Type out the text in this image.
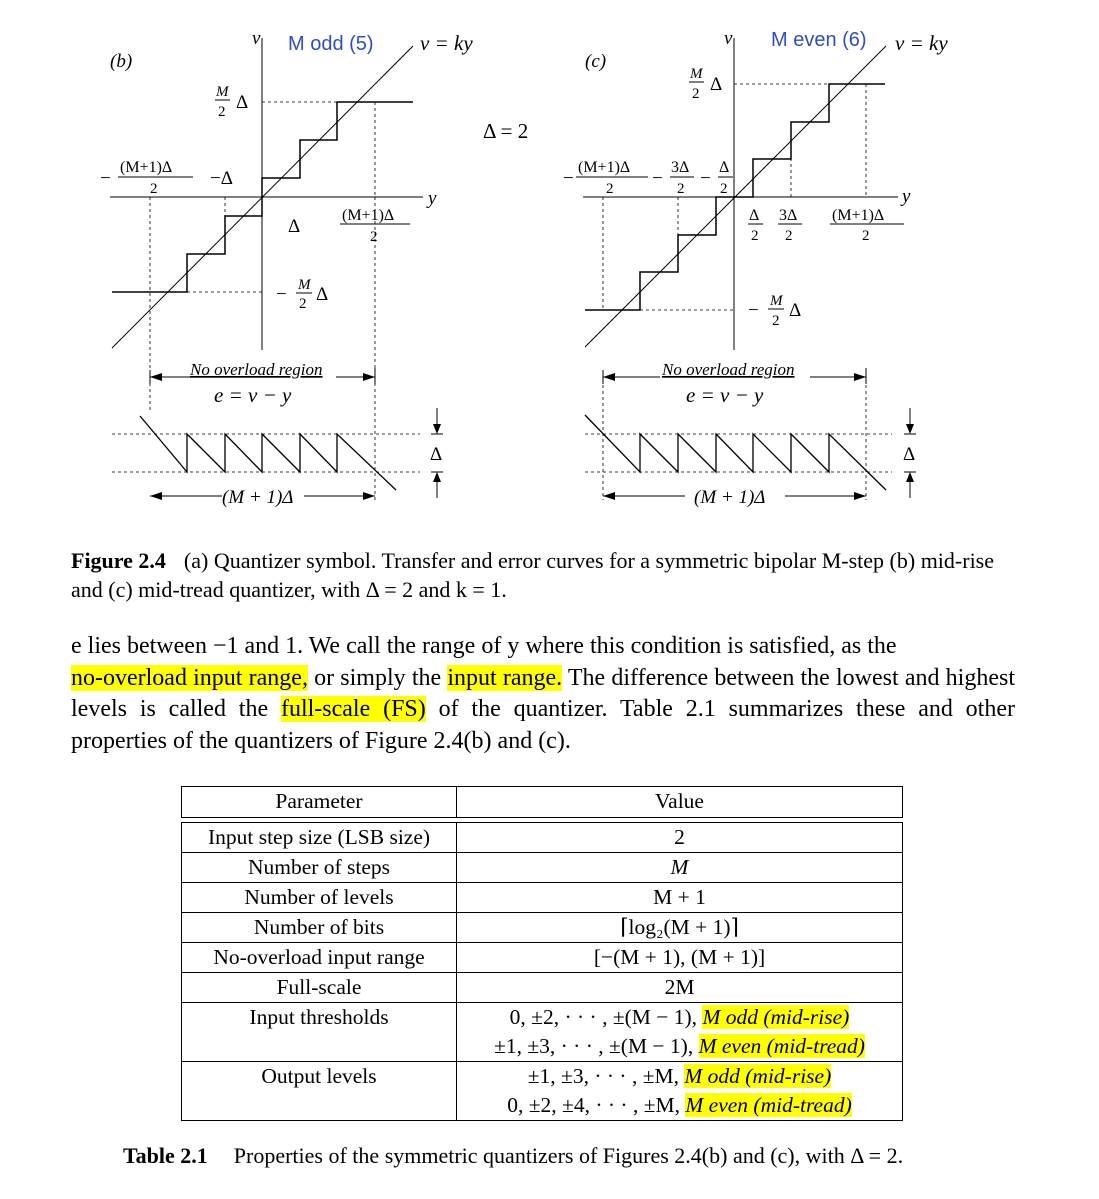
(b)
v
y
M odd (5) v = ky
M
2 Δ
−Δ
Δ
(M+1)Δ
2
−
(M+1)Δ
2
− M
2 Δ
No overload region
e = v − y
Δ
(M + 1)Δ
Δ = 2
(c)
v
y
M even (6) v = ky
M
2 Δ
−
(M+1)Δ
2 −
3Δ
2 −
Δ
2
Δ
2
3Δ
2
(M+1)Δ
2
− M
2 Δ
No overload region
e = v − y
Δ
(M + 1)Δ
Figure 2.4 (a) Quantizer symbol. Transfer and error curves for a symmetric bipolar M-step (b) mid-rise and (c) mid-tread quantizer, with Δ = 2 and k = 1.
e lies between −1 and 1. We call the range of y where this condition is satisfied, as the
no-overload input range, or simply the input range. The difference between the lowest and highest levels is called the full-scale (FS) of the quantizer. Table 2.1 summarizes these and other properties of the quantizers of Figure 2.4(b) and (c).
Parameter	Value

Input step size (LSB size)	2
Number of steps	M
Number of levels	M + 1
Number of bits	⌈log₂(M + 1)⌉
No-overload input range	[−(M + 1), (M + 1)]
Full-scale	2M
Input thresholds	0, ±2, · · · , ±(M − 1), M odd (mid-rise)
±1, ±3, · · · , ±(M − 1), M even (mid-tread)

Output levels	±1, ±3, · · · , ±M, M odd (mid-rise)
0, ±2, ±4, · · · , ±M, M even (mid-tread)
Table 2.1 Properties of the symmetric quantizers of Figures 2.4(b) and (c), with Δ = 2.
